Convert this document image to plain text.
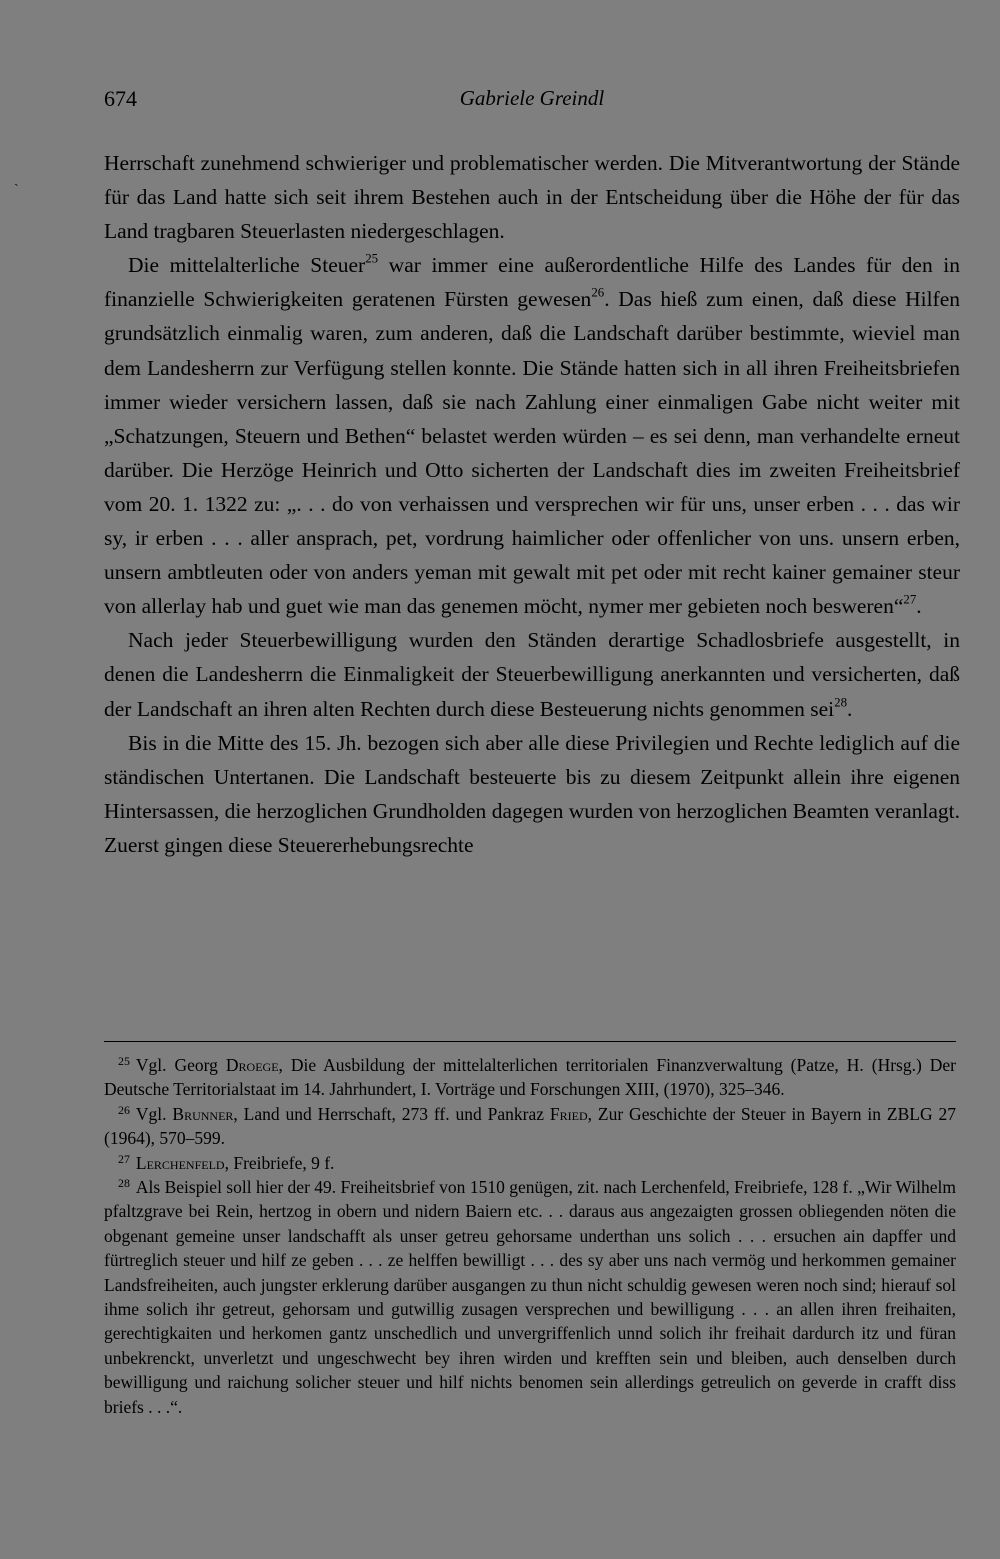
ˎ
674	Gabriele Greindl

Herrschaft zunehmend schwieriger und problematischer werden. Die Mitverantwortung der Stände für das Land hatte sich seit ihrem Bestehen auch in der Entscheidung über die Höhe der für das Land tragbaren Steuerlasten niedergeschlagen.

Die mittelalterliche Steuer$^{25}$ war immer eine außerordentliche Hilfe des Landes für den in finanzielle Schwierigkeiten geratenen Fürsten gewesen$^{26}$. Das hieß zum einen, daß diese Hilfen grundsätzlich einmalig waren, zum anderen, daß die Landschaft darüber bestimmte, wieviel man dem Landesherrn zur Verfügung stellen konnte. Die Stände hatten sich in all ihren Freiheitsbriefen immer wieder versichern lassen, daß sie nach Zahlung einer einmaligen Gabe nicht weiter mit „Schatzungen, Steuern und Bethen“ belastet werden würden – es sei denn, man verhandelte erneut darüber. Die Herzöge Heinrich und Otto sicherten der Landschaft dies im zweiten Freiheitsbrief vom 20. 1. 1322 zu: „. . . do von verhaissen und versprechen wir für uns, unser erben . . . das wir sy, ir erben . . . aller ansprach, pet, vordrung haimlicher oder offenlicher von uns. unsern erben, unsern ambtleuten oder von anders yeman mit gewalt mit pet oder mit recht kainer gemainer steur von allerlay hab und guet wie man das genemen möcht, nymer mer gebieten noch besweren“$^{27}$.

Nach jeder Steuerbewilligung wurden den Ständen derartige Schadlosbriefe ausgestellt, in denen die Landesherrn die Einmaligkeit der Steuerbewilligung anerkannten und versicherten, daß der Landschaft an ihren alten Rechten durch diese Besteuerung nichts genommen sei$^{28}$.

Bis in die Mitte des 15. Jh. bezogen sich aber alle diese Privilegien und Rechte lediglich auf die ständischen Untertanen. Die Landschaft besteuerte bis zu diesem Zeitpunkt allein ihre eigenen Hintersassen, die herzoglichen Grundholden dagegen wurden von herzoglichen Beamten veranlagt. Zuerst gingen diese Steuererhebungsrechte

$^{25}$ Vgl. Georg Droege, Die Ausbildung der mittelalterlichen territorialen Finanzverwaltung (Patze, H. (Hrsg.) Der Deutsche Territorialstaat im 14. Jahrhundert, I. Vorträge und Forschungen XIII, (1970), 325–346.

$^{26}$ Vgl. Brunner, Land und Herrschaft, 273 ff. und Pankraz Fried, Zur Geschichte der Steuer in Bayern in ZBLG 27 (1964), 570–599.

$^{27}$ Lerchenfeld, Freibriefe, 9 f.

$^{28}$ Als Beispiel soll hier der 49. Freiheitsbrief von 1510 genügen, zit. nach Lerchenfeld, Freibriefe, 128 f. „Wir Wilhelm pfaltzgrave bei Rein, hertzog in obern und nidern Baiern etc. . . daraus aus angezaigten grossen obliegenden nöten die obgenant gemeine unser landschafft als unser getreu gehorsame underthan uns solich . . . ersuchen ain dapffer und fürtreglich steuer und hilf ze geben . . . ze helffen bewilligt . . . des sy aber uns nach vermög und herkommen gemainer Landsfreiheiten, auch jungster erklerung darüber ausgangen zu thun nicht schuldig gewesen weren noch sind; hierauf sol ihme solich ihr getreut, gehorsam und gutwillig zusagen versprechen und bewilligung . . . an allen ihren freihaiten, gerechtigkaiten und herkomen gantz unschedlich und unvergriffenlich unnd solich ihr freihait dardurch itz und füran unbekrenckt, unverletzt und ungeschwecht bey ihren wirden und krefften sein und bleiben, auch denselben durch bewilligung und raichung solicher steuer und hilf nichts benomen sein allerdings getreulich on geverde in crafft diss briefs . . .“.
